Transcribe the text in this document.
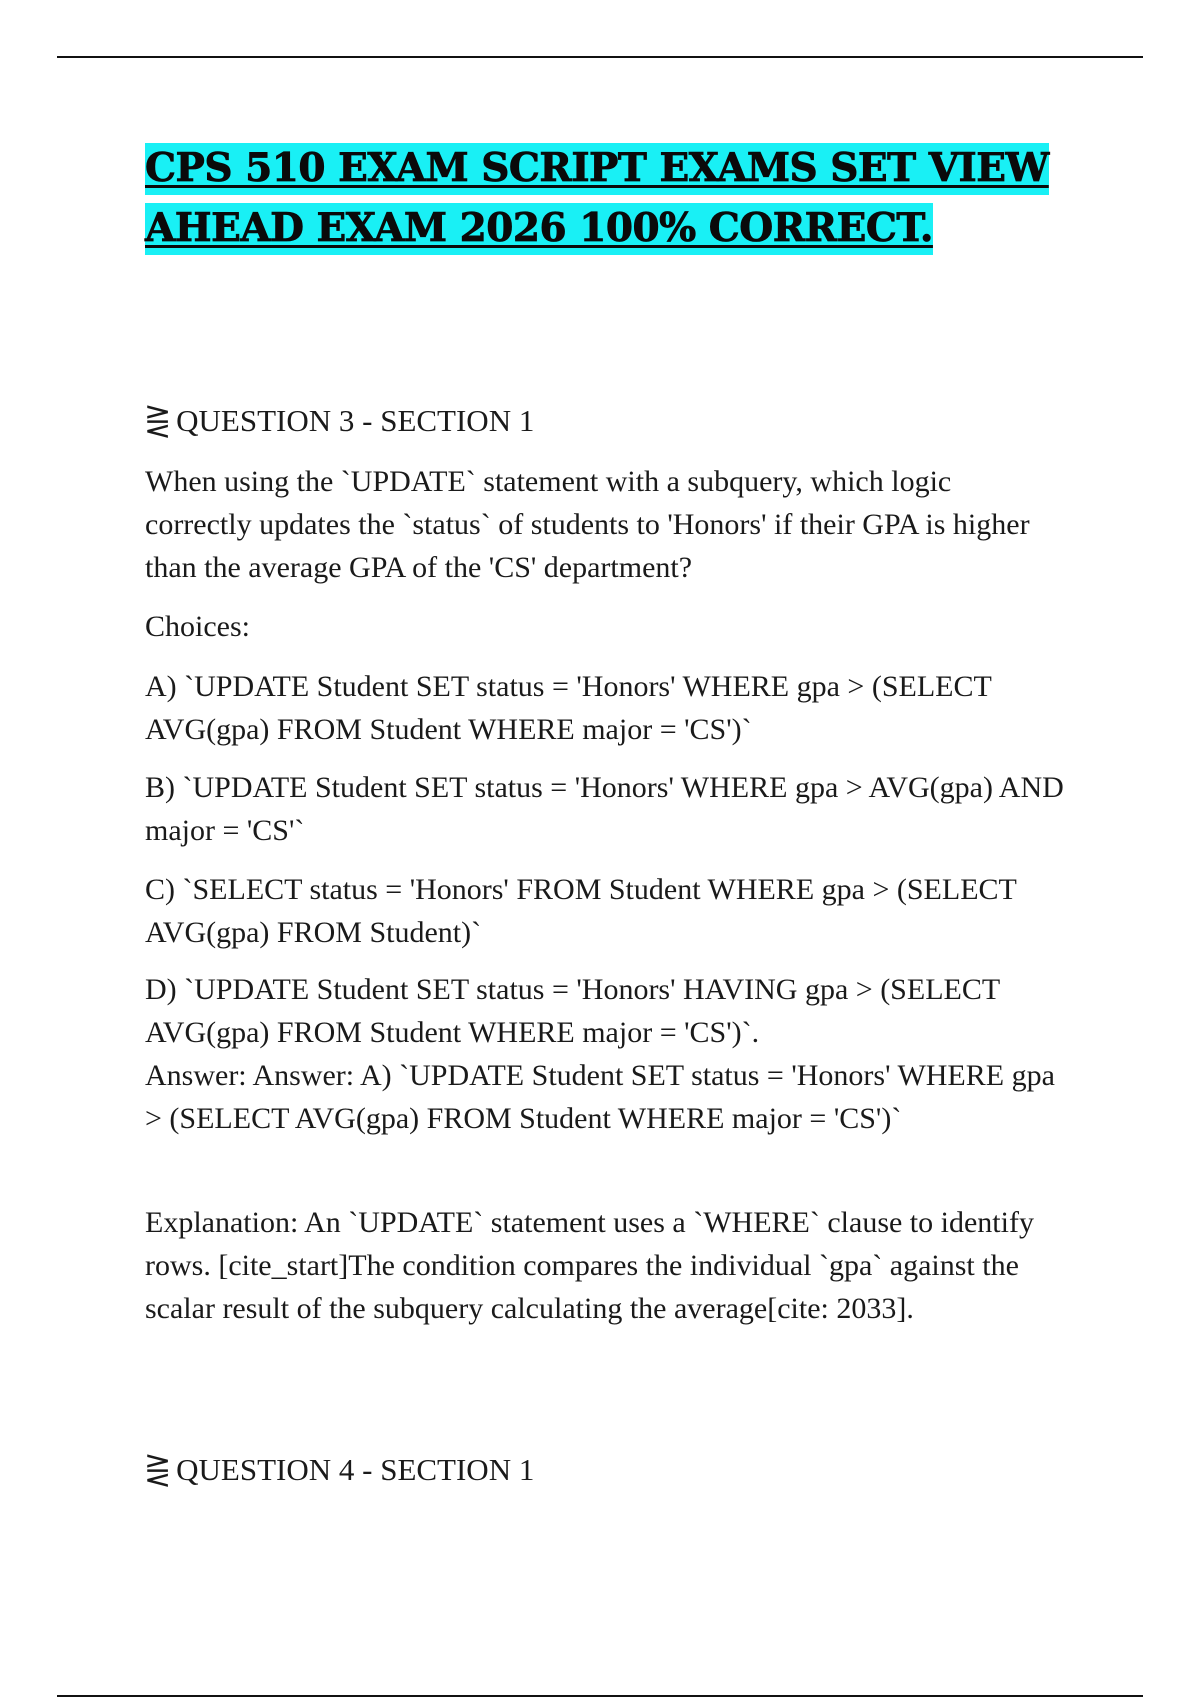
CPS 510 EXAM SCRIPT EXAMS SET VIEW
AHEAD EXAM 2026 100% CORRECT.
⋛ QUESTION 3 - SECTION 1

When using the `UPDATE` statement with a subquery, which logic correctly updates the `status` of students to 'Honors' if their GPA is higher than the average GPA of the 'CS' department?

Choices:

A) `UPDATE Student SET status = 'Honors' WHERE gpa > (SELECT AVG(gpa) FROM Student WHERE major = 'CS')`

B) `UPDATE Student SET status = 'Honors' WHERE gpa > AVG(gpa) AND major = 'CS'`

C) `SELECT status = 'Honors' FROM Student WHERE gpa > (SELECT AVG(gpa) FROM Student)`

D) `UPDATE Student SET status = 'Honors' HAVING gpa > (SELECT AVG(gpa) FROM Student WHERE major = 'CS')`.

Answer: Answer: A) `UPDATE Student SET status = 'Honors' WHERE gpa > (SELECT AVG(gpa) FROM Student WHERE major = 'CS')`

Explanation: An `UPDATE` statement uses a `WHERE` clause to identify rows. [cite_start]The condition compares the individual `gpa` against the scalar result of the subquery calculating the average[cite: 2033].

⋛ QUESTION 4 - SECTION 1
